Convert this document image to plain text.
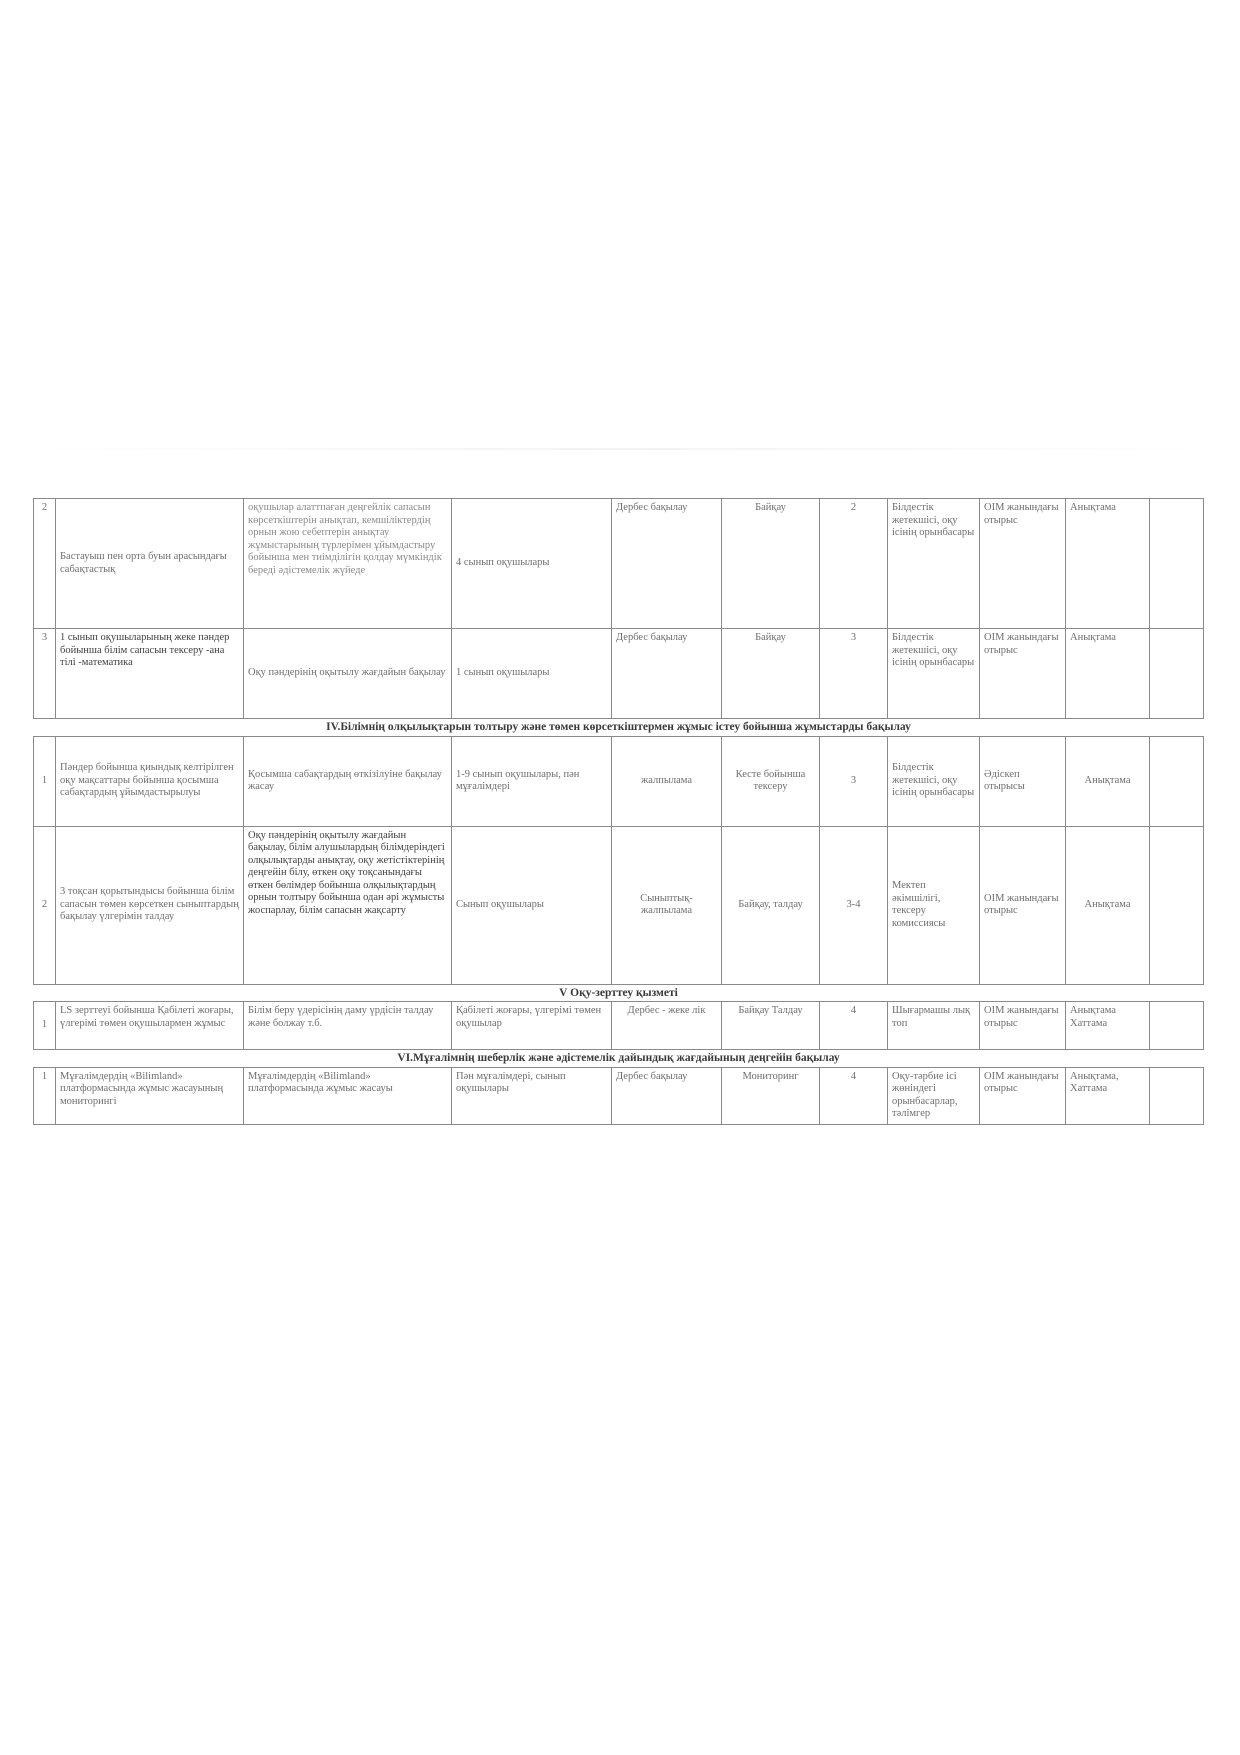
2	Бастауыш пен орта буын арасындағы сабақтастық	оқушылар алаттпаған деңгейлік сапасын көрсеткіштерін анықтап, кемшіліктердің орнын жою себептерін анықтау жұмыстарының түрлерімен ұйымдастыру бойынша мен тиімділігін қолдау мүмкіндік береді әдістемелік жүйеде	4 сынып оқушылары	Дербес бақылау	Байқау	2	Білдестік жетекшісі, оқу ісінің орынбасары	ОІМ жанындағы отырыс	Анықтама	
3	1 сынып оқушыларының жеке пәндер бойынша білім сапасын тексеру -ана тілі -математика	Оқу пәндерінің оқытылу жағдайын бақылау	1 сынып оқушылары	Дербес бақылау	Байқау	3	Білдестік жетекшісі, оқу ісінің орынбасары	ОІМ жанындағы отырыс	Анықтама	
IV.Білімнің олқылықтарын толтыру және төмен көрсеткіштермен жұмыс істеу бойынша жұмыстарды бақылау										
1	Пәндер бойынша қиындық келтірілген оқу мақсаттары бойынша қосымша сабақтардың ұйымдастырылуы	Қосымша сабақтардың өткізілуіне бақылау жасау	1-9 сынып оқушылары, пән мұғалімдері	жалпылама	Кесте бойынша тексеру	3	Білдестік жетекшісі, оқу ісінің орынбасары	Әдіскеп отырысы	Анықтама	
2	3 тоқсан қорытындысы бойынша білім сапасын төмен көрсеткен сыныптардың бақылау үлгерімін талдау	Оқу пәндерінің оқытылу жағдайын бақылау, білім алушылардың білімдеріндегі олқылықтарды анықтау, оқу жетістіктерінің деңгейін білу, өткен оқу тоқсанындағы өткен бөлімдер бойынша олқылықтардың орнын толтыру бойынша одан әрі жұмысты жоспарлау, білім сапасын жақсарту	Сынып оқушылары	Сыныптық-жалпылама	Байқау, талдау	3-4	Мектеп әкімшілігі, тексеру комиссиясы	ОІМ жанындағы отырыс	Анықтама	
V Оқу-зерттеу қызметі										
1	LS зерттеуі бойынша Қабілеті жоғары, үлгерімі төмен оқушылармен жұмыс	Білім беру үдерісінің даму үрдісін талдау және болжау т.б.	Қабілеті жоғары, үлгерімі төмен оқушылар	Дербес - жеке лік	Байқау Талдау	4	Шығармашы лық топ	ОІМ жанындағы отырыс	Анықтама Хаттама	
VI.Мұғалімнің шеберлік және әдістемелік дайындық жағдайының деңгейін бақылау										
1	Мұғалімдердің «Bilimland» платформасында жұмыс жасауының мониторингі	Мұғалімдердің «Bilimland» платформасында жұмыс жасауы	Пән мұғалімдері, сынып оқушылары	Дербес бақылау	Мониторинг	4	Оқу-тәрбие ісі жөніндегі орынбасарлар, тәлімгер	ОІМ жанындағы отырыс	Анықтама, Хаттама	
